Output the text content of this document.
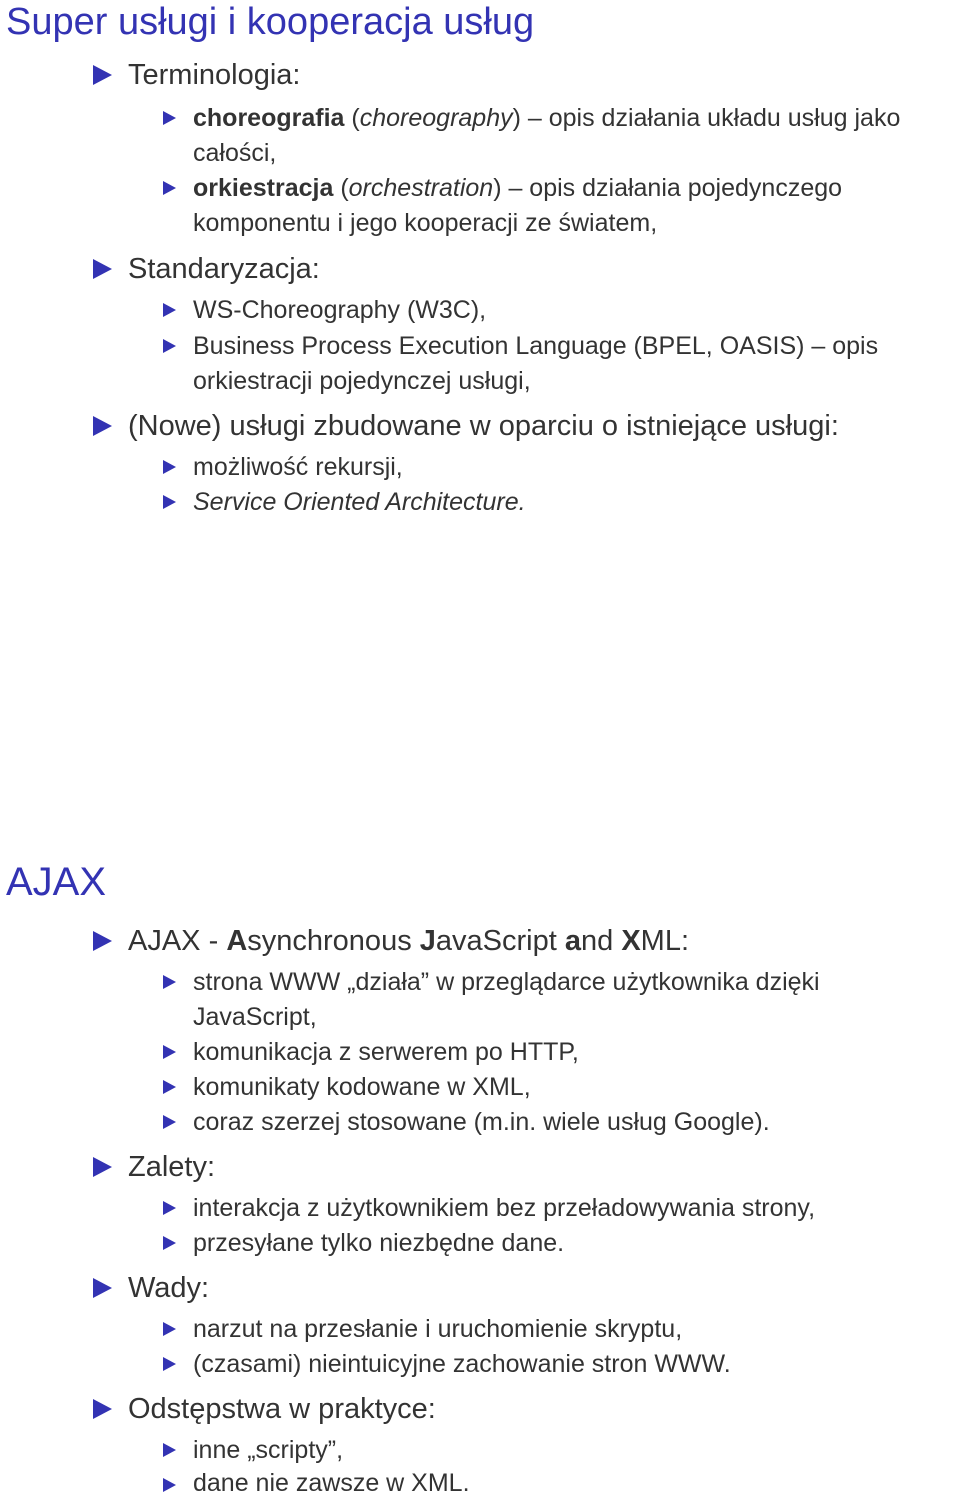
Super usługi i kooperacja usług
Terminologia:
choreografia (choreography) – opis działania układu usług jako całości,
orkiestracja (orchestration) – opis działania pojedynczego komponentu i jego kooperacji ze światem,
Standaryzacja:
WS-Choreography (W3C),
Business Process Execution Language (BPEL, OASIS) – opis orkiestracji pojedynczej usługi,
(Nowe) usługi zbudowane w oparciu o istniejące usługi:
możliwość rekursji,
Service Oriented Architecture.
AJAX
AJAX - Asynchronous JavaScript and XML:
strona WWW „działa” w przeglądarce użytkownika dzięki JavaScript,
komunikacja z serwerem po HTTP,
komunikaty kodowane w XML,
coraz szerzej stosowane (m.in. wiele usług Google).
Zalety:
interakcja z użytkownikiem bez przeładowywania strony,
przesyłane tylko niezbędne dane.
Wady:
narzut na przesłanie i uruchomienie skryptu,
(czasami) nieintuicyjne zachowanie stron WWW.
Odstępstwa w praktyce:
inne „scripty”,
dane nie zawsze w XML.
